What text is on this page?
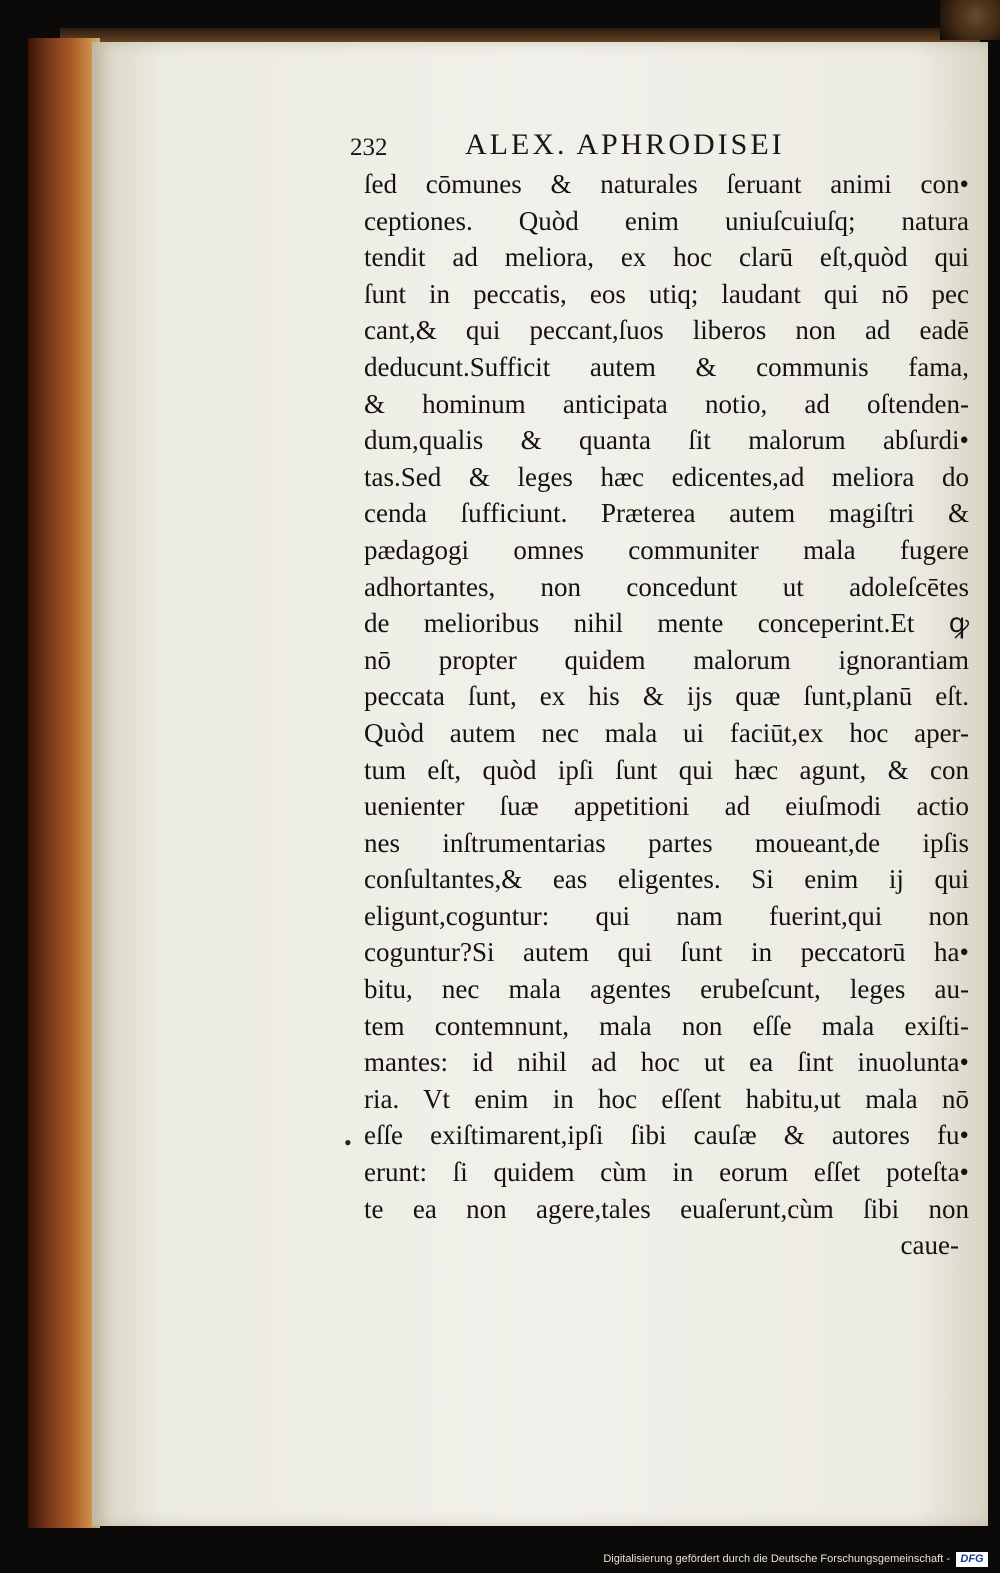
232	ALEX. APHRODISEI
•
ſed cōmunes & naturales ſeruant animi con•
ceptiones. Quòd enim uniuſcuiuſq; natura
tendit ad meliora, ex hoc clarū eſt,quòd qui
ſunt in peccatis, eos utiq; laudant qui nō pec
cant,& qui peccant,ſuos liberos non ad eadē
deducunt.Sufficit autem & communis fama,
& hominum anticipata notio, ad oſtenden-
dum,qualis & quanta ſit malorum abſurdi•
tas.Sed & leges hæc edicentes,ad meliora do
cenda ſufficiunt. Præterea autem magiſtri &
pædagogi omnes communiter mala fugere
adhortantes, non concedunt ut adoleſcētes
de melioribus nihil mente conceperint.Et ꝙ
nō propter quidem malorum ignorantiam
peccata ſunt, ex his & ijs quæ ſunt,planū eſt.
Quòd autem nec mala ui faciūt,ex hoc aper-
tum eſt, quòd ipſi ſunt qui hæc agunt, & con
uenienter ſuæ appetitioni ad eiuſmodi actio
nes inſtrumentarias partes moueant,de ipſis
conſultantes,& eas eligentes. Si enim ij qui
eligunt,coguntur: qui nam fuerint,qui non
coguntur?Si autem qui ſunt in peccatorū ha•
bitu, nec mala agentes erubeſcunt, leges au-
tem contemnunt, mala non eſſe mala exiſti-
mantes: id nihil ad hoc ut ea ſint inuolunta•
ria. Vt enim in hoc eſſent habitu,ut mala nō
eſſe exiſtimarent,ipſi ſibi cauſæ & autores fu•
erunt: ſi quidem cùm in eorum eſſet poteſta•
te ea non agere,tales euaſerunt,cùm ſibi non
caue-
Digitalisierung gefördert durch die Deutsche Forschungsgemeinschaft - DFG
